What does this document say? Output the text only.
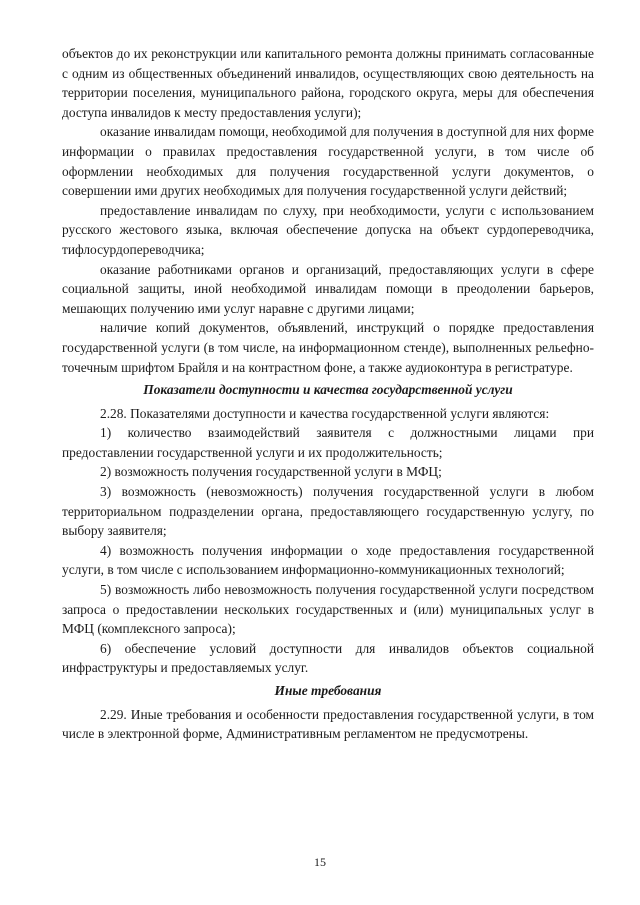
объектов до их реконструкции или капитального ремонта должны принимать согласованные с одним из общественных объединений инвалидов, осуществляющих свою деятельность на территории поселения, муниципального района, городского округа, меры для обеспечения доступа инвалидов к месту предоставления услуги);

оказание инвалидам помощи, необходимой для получения в доступной для них форме информации о правилах предоставления государственной услуги, в том числе об оформлении необходимых для получения государственной услуги документов, о совершении ими других необходимых для получения государственной услуги действий;

предоставление инвалидам по слуху, при необходимости, услуги с использованием русского жестового языка, включая обеспечение допуска на объект сурдопереводчика, тифлосурдопереводчика;

оказание работниками органов и организаций, предоставляющих услуги в сфере социальной защиты, иной необходимой инвалидам помощи в преодолении барьеров, мешающих получению ими услуг наравне с другими лицами;

наличие копий документов, объявлений, инструкций о порядке предоставления государственной услуги (в том числе, на информационном стенде), выполненных рельефно-точечным шрифтом Брайля и на контрастном фоне, а также аудиоконтура в регистратуре.

Показатели доступности и качества государственной услуги

2.28. Показателями доступности и качества государственной услуги являются:

1) количество взаимодействий заявителя с должностными лицами при предоставлении государственной услуги и их продолжительность;

2) возможность получения государственной услуги в МФЦ;

3) возможность (невозможность) получения государственной услуги в любом территориальном подразделении органа, предоставляющего государственную услугу, по выбору заявителя;

4) возможность получения информации о ходе предоставления государственной услуги, в том числе с использованием информационно-коммуникационных технологий;

5) возможность либо невозможность получения государственной услуги посредством запроса о предоставлении нескольких государственных и (или) муниципальных услуг в МФЦ (комплексного запроса);

6) обеспечение условий доступности для инвалидов объектов социальной инфраструктуры и предоставляемых услуг.

Иные требования

2.29. Иные требования и особенности предоставления государственной услуги, в том числе в электронной форме, Административным регламентом не предусмотрены.

15
